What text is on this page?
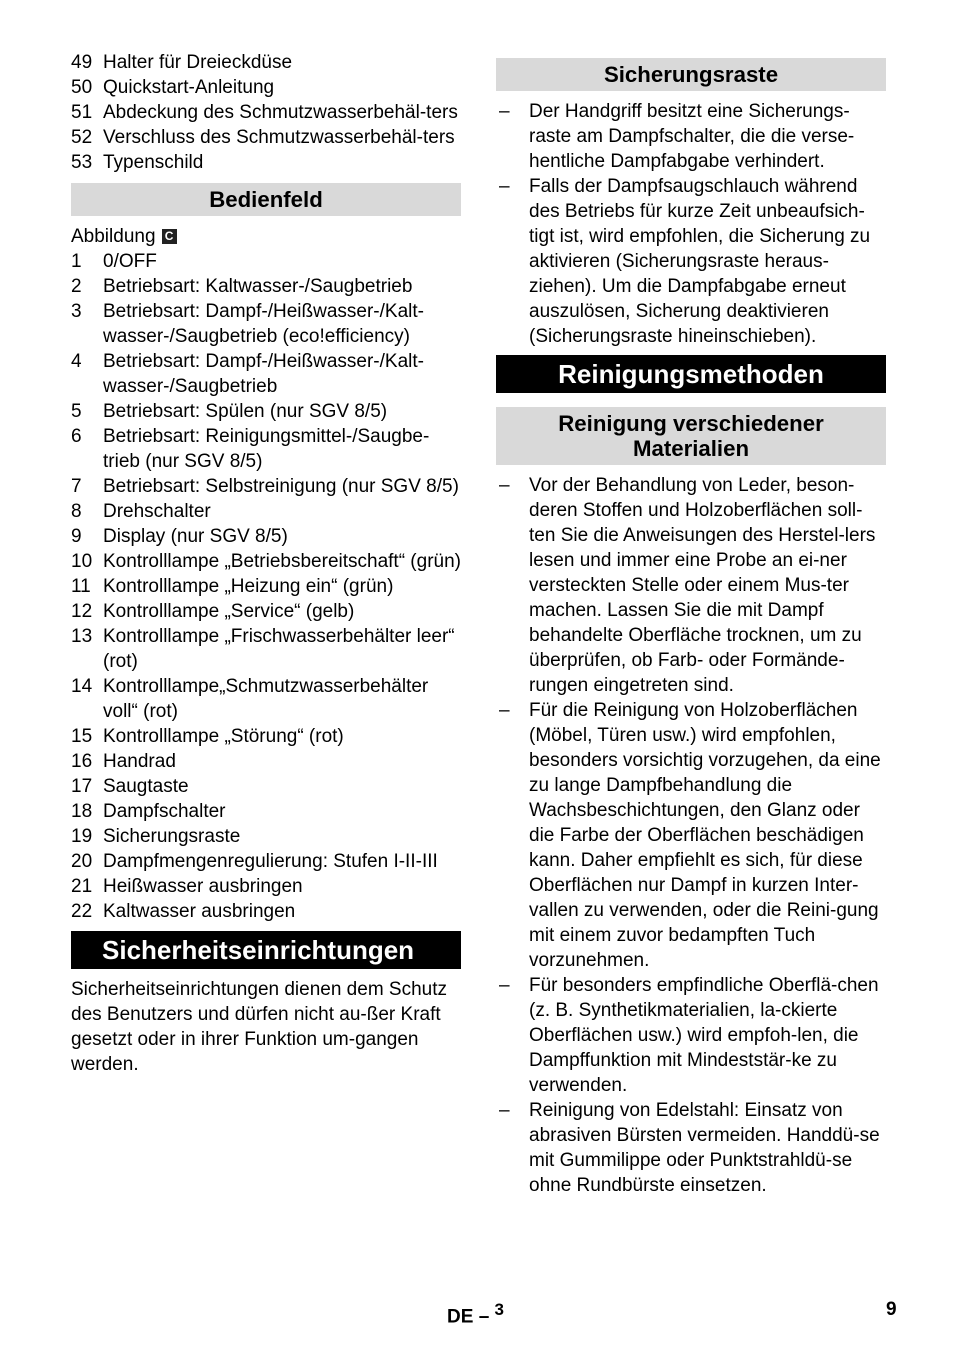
49 Halter für Dreieckdüse
50 Quickstart-Anleitung
51 Abdeckung des Schmutzwasserbehäl-ters
52 Verschluss des Schmutzwasserbehäl-ters
53 Typenschild
Bedienfeld
Abbildung C
1	0/OFF
2	Betriebsart: Kaltwasser-/Saugbetrieb
3	Betriebsart: Dampf-/Heißwasser-/Kalt-wasser-/Saugbetrieb (eco!efficiency)
4	Betriebsart: Dampf-/Heißwasser-/Kalt-wasser-/Saugbetrieb
5	Betriebsart: Spülen (nur SGV 8/5)
6	Betriebsart: Reinigungsmittel-/Saugbe-trieb (nur SGV 8/5)
7	Betriebsart: Selbstreinigung (nur SGV 8/5)
8	Drehschalter
9	Display (nur SGV 8/5)
10 Kontrolllampe „Betriebsbereitschaft“ (grün)
11 Kontrolllampe „Heizung ein“ (grün)
12 Kontrolllampe „Service“ (gelb)
13 Kontrolllampe „Frischwasserbehälter leer“ (rot)
14 Kontrolllampe„Schmutzwasserbehälter voll“ (rot)
15 Kontrolllampe „Störung“ (rot)
16 Handrad
17 Saugtaste
18 Dampfschalter
19 Sicherungsraste
20 Dampfmengenregulierung: Stufen I-II-III
21 Heißwasser ausbringen
22 Kaltwasser ausbringen
Sicherheitseinrichtungen

Sicherheitseinrichtungen dienen dem Schutz des Benutzers und dürfen nicht au-ßer Kraft gesetzt oder in ihrer Funktion um-gangen werden.

Sicherungsraste
–	Der Handgriff besitzt eine Sicherungs-raste am Dampfschalter, die die verse-hentliche Dampfabgabe verhindert.
–	Falls der Dampfsaugschlauch während des Betriebs für kurze Zeit unbeaufsich-tigt ist, wird empfohlen, die Sicherung zu aktivieren (Sicherungsraste heraus-ziehen). Um die Dampfabgabe erneut auszulösen, Sicherung deaktivieren (Sicherungsraste hineinschieben).
Reinigungsmethoden
Reinigung verschiedener
Materialien
–	Vor der Behandlung von Leder, beson-deren Stoffen und Holzoberflächen soll-ten Sie die Anweisungen des Herstel-lers lesen und immer eine Probe an ei-ner versteckten Stelle oder einem Mus-ter machen. Lassen Sie die mit Dampf behandelte Oberfläche trocknen, um zu überprüfen, ob Farb- oder Formände-rungen eingetreten sind.
–	Für die Reinigung von Holzoberflächen (Möbel, Türen usw.) wird empfohlen, besonders vorsichtig vorzugehen, da eine zu lange Dampfbehandlung die Wachsbeschichtungen, den Glanz oder die Farbe der Oberflächen beschädigen kann. Daher empfiehlt es sich, für diese Oberflächen nur Dampf in kurzen Inter-vallen zu verwenden, oder die Reini-gung mit einem zuvor bedampften Tuch vorzunehmen.
–	Für besonders empfindliche Oberflä-chen (z. B. Synthetikmaterialien, la-ckierte Oberflächen usw.) wird empfoh-len, die Dampffunktion mit Mindeststär-ke zu verwenden.
–	Reinigung von Edelstahl: Einsatz von abrasiven Bürsten vermeiden. Handdü-se mit Gummilippe oder Punktstrahldü-se ohne Rundbürste einsetzen.
DE – $^3$	9
